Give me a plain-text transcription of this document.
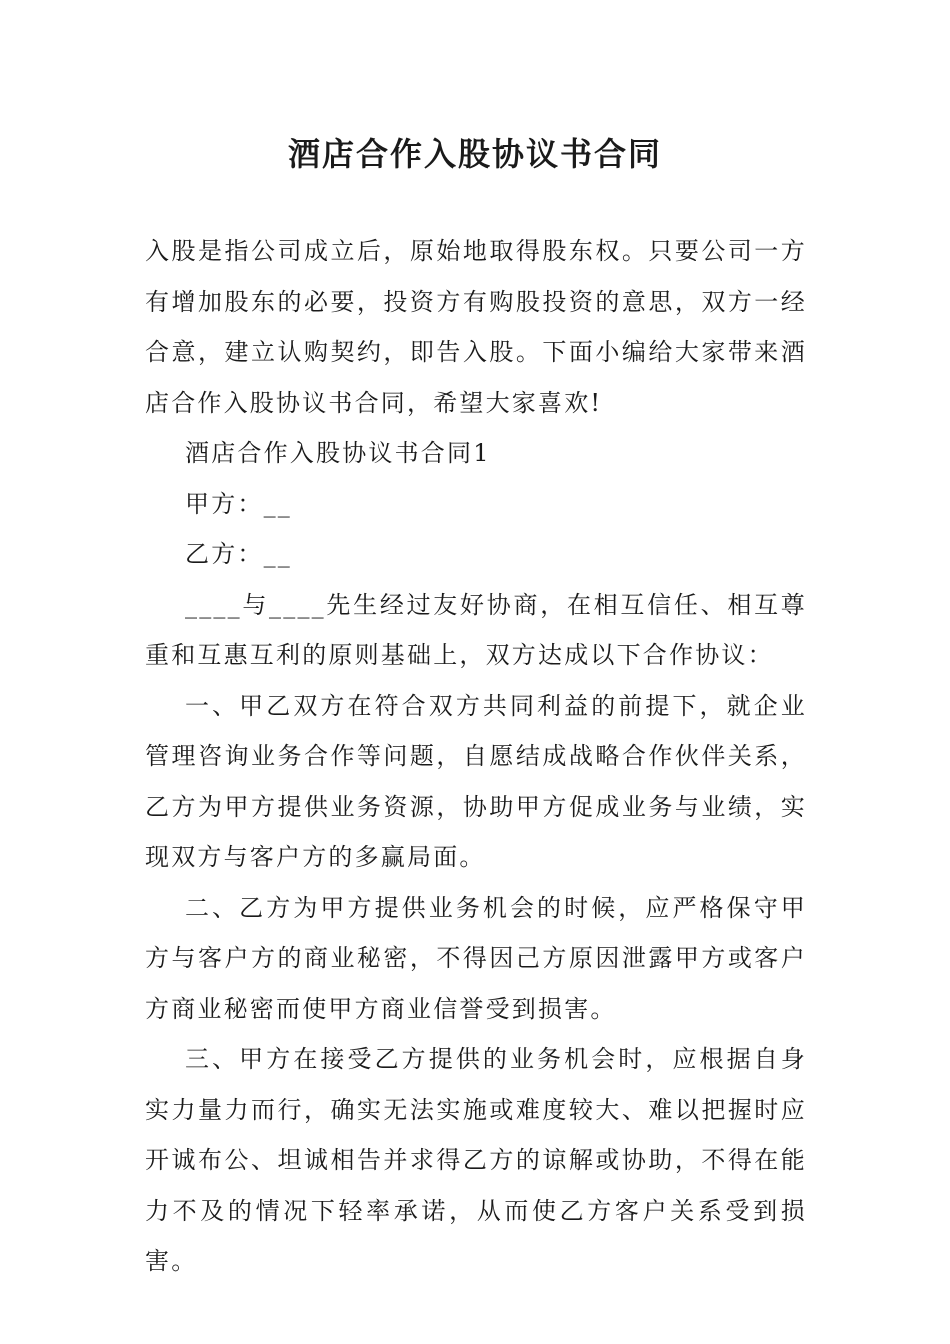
酒店合作入股协议书合同

入股是指公司成立后，原始地取得股东权。只要公司一方有增加股东的必要，投资方有购股投资的意思，双方一经合意，建立认购契约，即告入股。下面小编给大家带来酒店合作入股协议书合同，希望大家喜欢!

酒店合作入股协议书合同1

甲方：__

乙方：__

____与____先生经过友好协商，在相互信任、相互尊重和互惠互利的原则基础上，双方达成以下合作协议：

一、甲乙双方在符合双方共同利益的前提下，就企业管理咨询业务合作等问题，自愿结成战略合作伙伴关系，乙方为甲方提供业务资源，协助甲方促成业务与业绩，实现双方与客户方的多赢局面。

二、乙方为甲方提供业务机会的时候，应严格保守甲方与客户方的商业秘密，不得因己方原因泄露甲方或客户方商业秘密而使甲方商业信誉受到损害。

三、甲方在接受乙方提供的业务机会时，应根据自身实力量力而行，确实无法实施或难度较大、难以把握时应开诚布公、坦诚相告并求得乙方的谅解或协助，不得在能力不及的情况下轻率承诺，从而使乙方客户关系受到损害。
